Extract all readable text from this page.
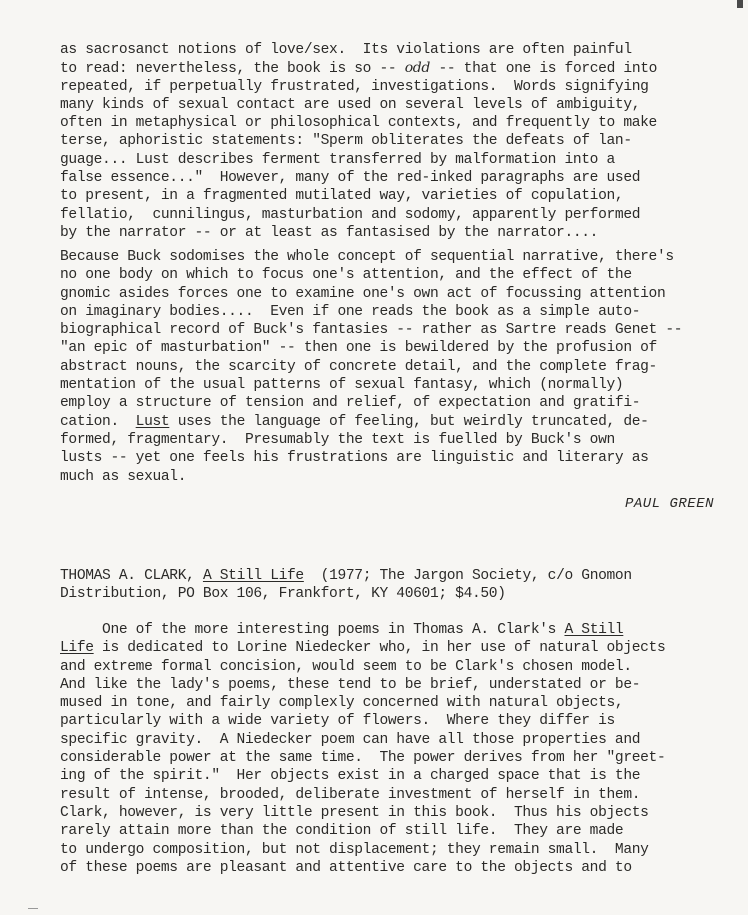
as sacrosanct notions of love/sex.  Its violations are often painful
to read: nevertheless, the book is so -- odd -- that one is forced into
repeated, if perpetually frustrated, investigations.  Words signifying
many kinds of sexual contact are used on several levels of ambiguity,
often in metaphysical or philosophical contexts, and frequently to make
terse, aphoristic statements: "Sperm obliterates the defeats of lan-
guage... Lust describes ferment transferred by malformation into a
false essence..."  However, many of the red-inked paragraphs are used
to present, in a fragmented mutilated way, varieties of copulation,
fellatio,  cunnilingus, masturbation and sodomy, apparently performed
by the narrator -- or at least as fantasised by the narrator....
Because Buck sodomises the whole concept of sequential narrative, there's
no one body on which to focus one's attention, and the effect of the
gnomic asides forces one to examine one's own act of focussing attention
on imaginary bodies....  Even if one reads the book as a simple auto-
biographical record of Buck's fantasies -- rather as Sartre reads Genet --
"an epic of masturbation" -- then one is bewildered by the profusion of
abstract nouns, the scarcity of concrete detail, and the complete frag-
mentation of the usual patterns of sexual fantasy, which (normally)
employ a structure of tension and relief, of expectation and gratifi-
cation.  Lust uses the language of feeling, but weirdly truncated, de-
formed, fragmentary.  Presumably the text is fuelled by Buck's own
lusts -- yet one feels his frustrations are linguistic and literary as
much as sexual.
PAUL GREEN
THOMAS A. CLARK, A Still Life  (1977; The Jargon Society, c/o Gnomon
Distribution, PO Box 106, Frankfort, KY 40601; $4.50)
One of the more interesting poems in Thomas A. Clark's A Still
Life is dedicated to Lorine Niedecker who, in her use of natural objects
and extreme formal concision, would seem to be Clark's chosen model.
And like the lady's poems, these tend to be brief, understated or be-
mused in tone, and fairly complexly concerned with natural objects,
particularly with a wide variety of flowers.  Where they differ is
specific gravity.  A Niedecker poem can have all those properties and
considerable power at the same time.  The power derives from her "greet-
ing of the spirit."  Her objects exist in a charged space that is the
result of intense, brooded, deliberate investment of herself in them.
Clark, however, is very little present in this book.  Thus his objects
rarely attain more than the condition of still life.  They are made
to undergo composition, but not displacement; they remain small.  Many
of these poems are pleasant and attentive care to the objects and to
